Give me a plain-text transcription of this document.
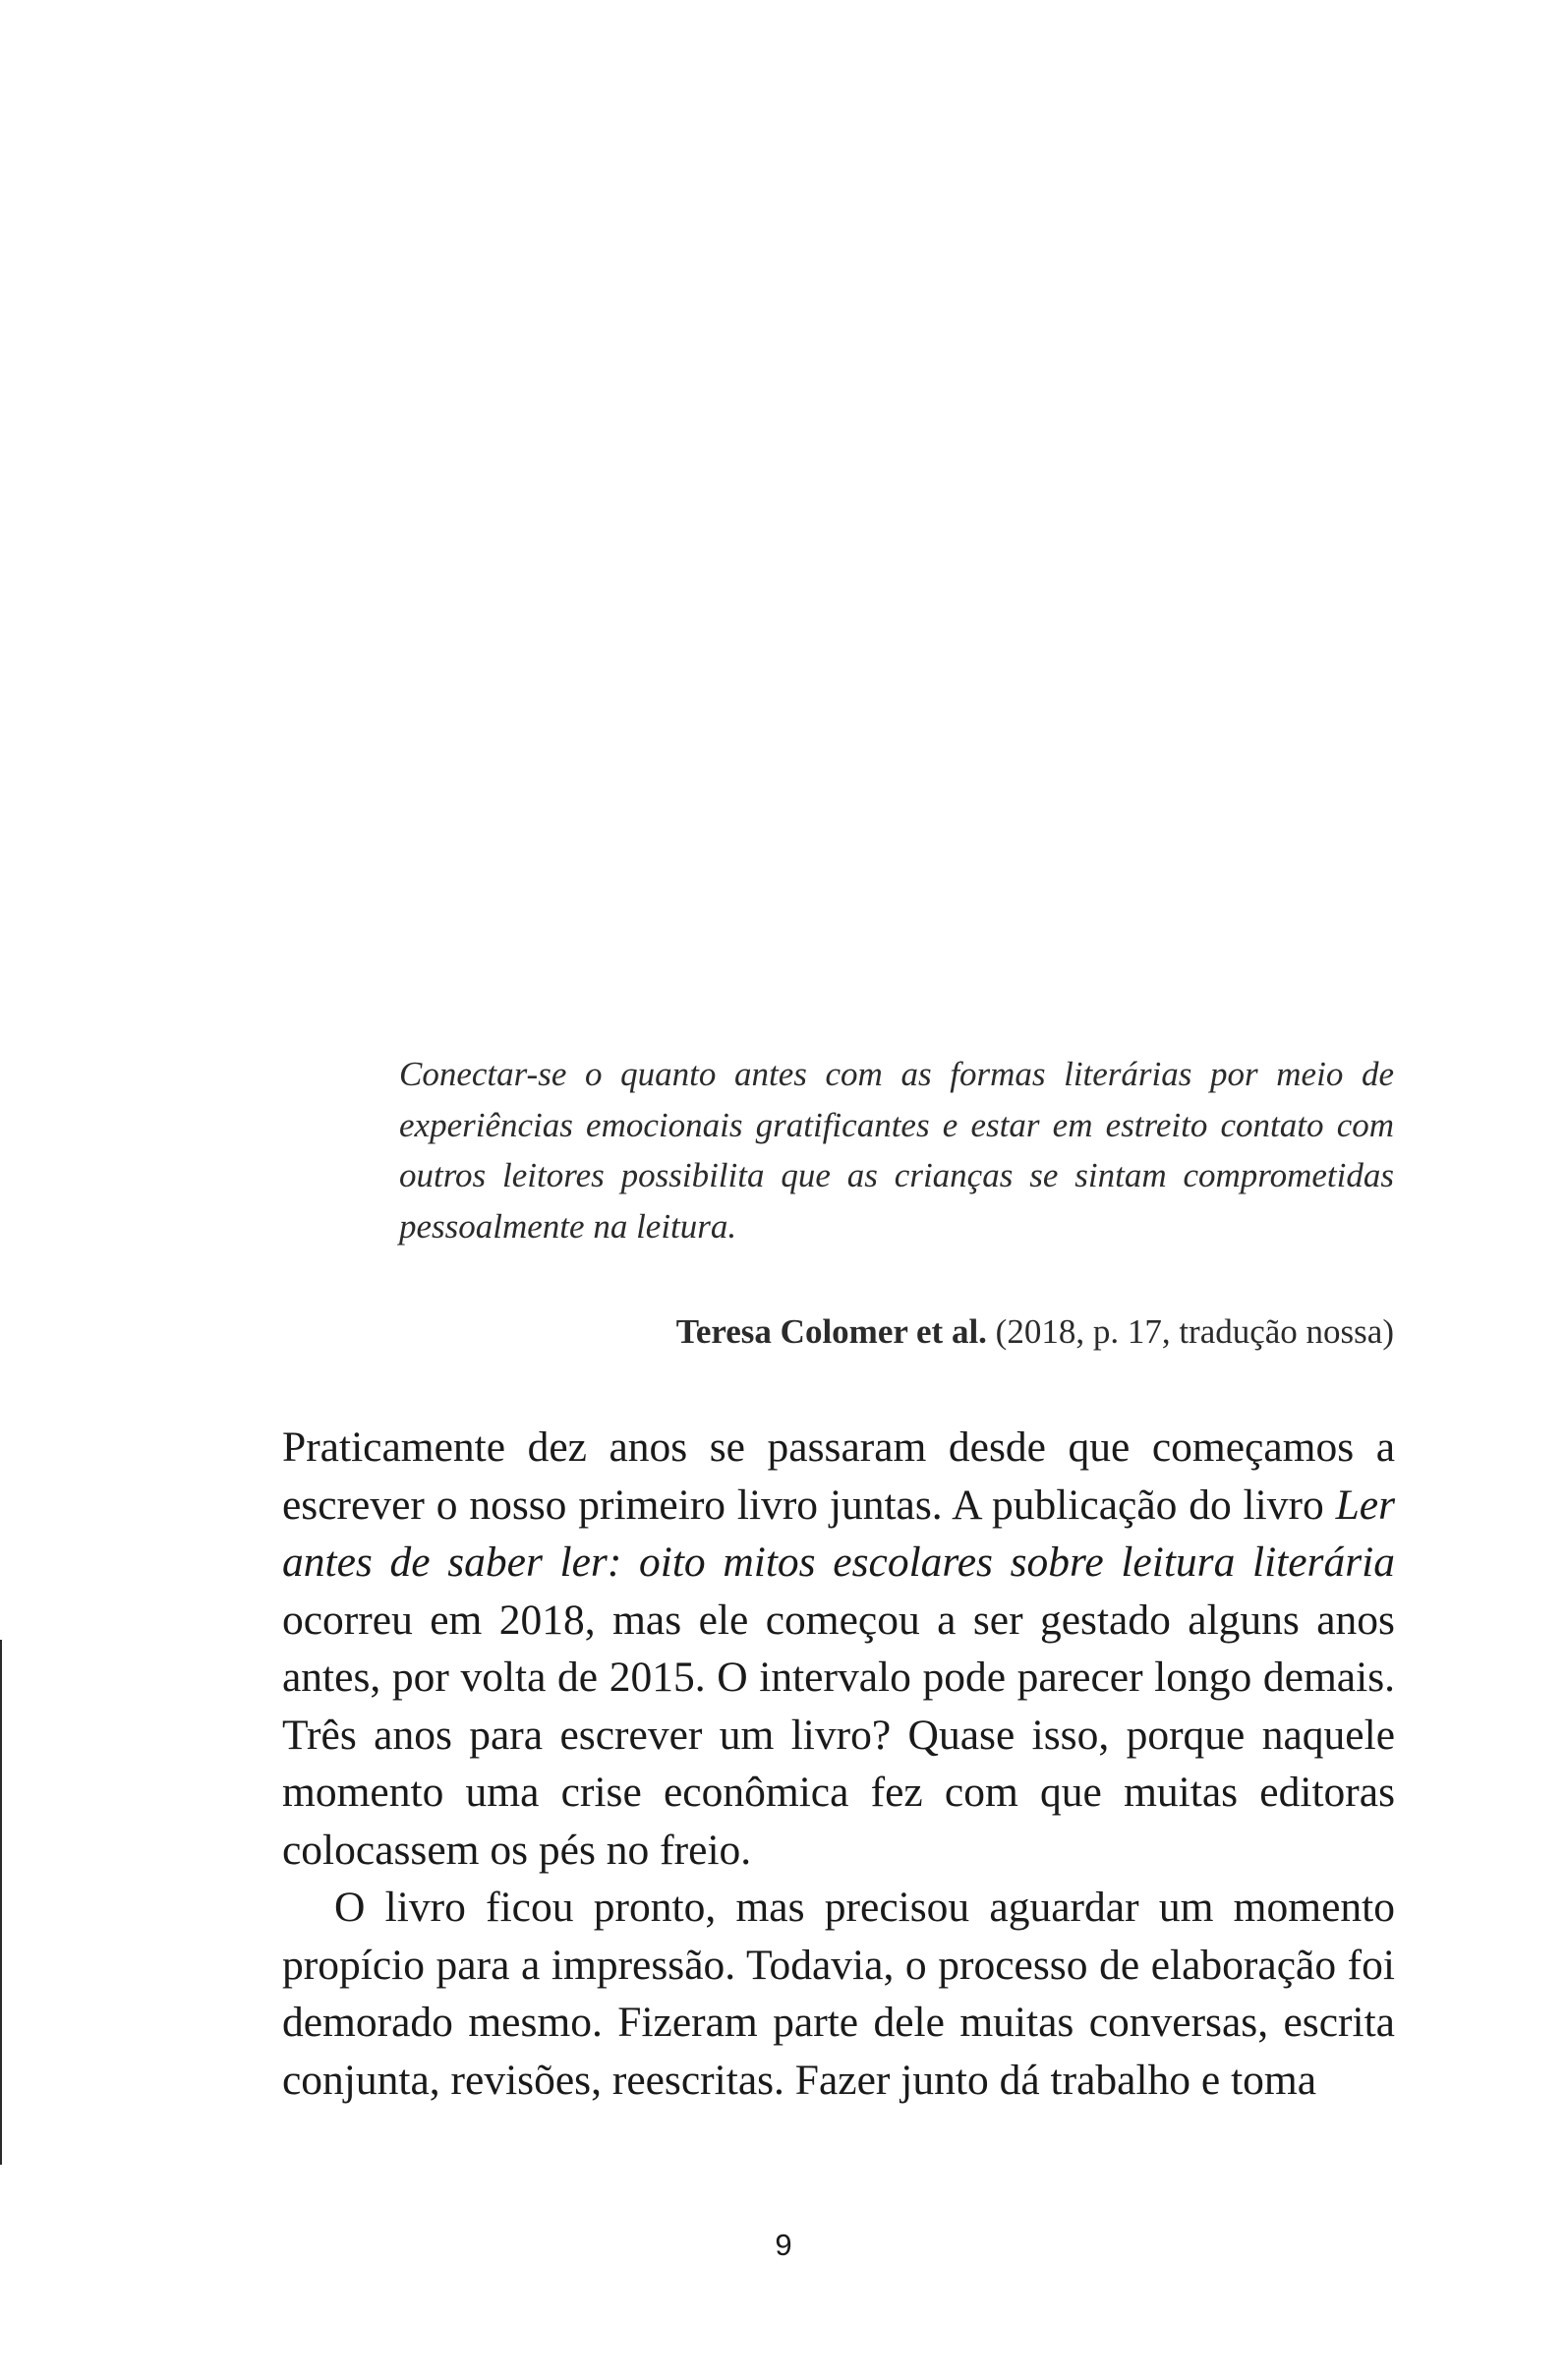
Conectar-se o quanto antes com as formas literárias por meio de experiências emocionais gratificantes e estar em estreito contato com outros leitores possibilita que as crianças se sintam comprometidas pessoalmente na leitura.

Teresa Colomer et al. (2018, p. 17, tradução nossa)

Praticamente dez anos se passaram desde que começamos a escrever o nosso primeiro livro juntas. A publicação do livro Ler antes de saber ler: oito mitos escolares sobre leitura literária ocorreu em 2018, mas ele começou a ser gestado alguns anos antes, por volta de 2015. O intervalo pode parecer longo demais. Três anos para escrever um livro? Quase isso, porque naquele momento uma crise econômica fez com que muitas editoras colocassem os pés no freio.

O livro ficou pronto, mas precisou aguardar um momento propício para a impressão. Todavia, o processo de elaboração foi demorado mesmo. Fizeram parte dele muitas conversas, escrita conjunta, revisões, reescritas. Fazer junto dá trabalho e toma

9
